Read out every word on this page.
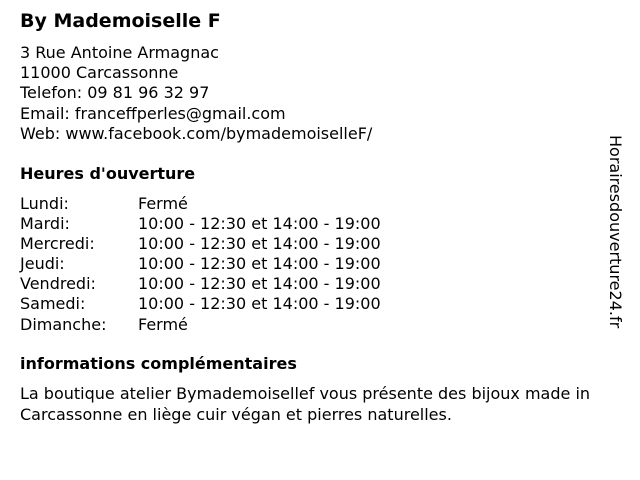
By Mademoiselle F
3 Rue Antoine Armagnac
11000 Carcassonne
Telefon: 09 81 96 32 97
Email: franceffperles@gmail.com
Web: www.facebook.com/bymademoiselleF/
Heures d'ouverture
Lundi:	Fermé
Mardi:	10:00 - 12:30 et 14:00 - 19:00
Mercredi:	10:00 - 12:30 et 14:00 - 19:00
Jeudi:	10:00 - 12:30 et 14:00 - 19:00
Vendredi:	10:00 - 12:30 et 14:00 - 19:00
Samedi:	10:00 - 12:30 et 14:00 - 19:00
Dimanche: Fermé
informations complémentaires
La boutique atelier Bymademoisellef vous présente des bijoux made in Carcassonne en liège cuir végan et pierres naturelles.
Horairesdouverture24.fr
